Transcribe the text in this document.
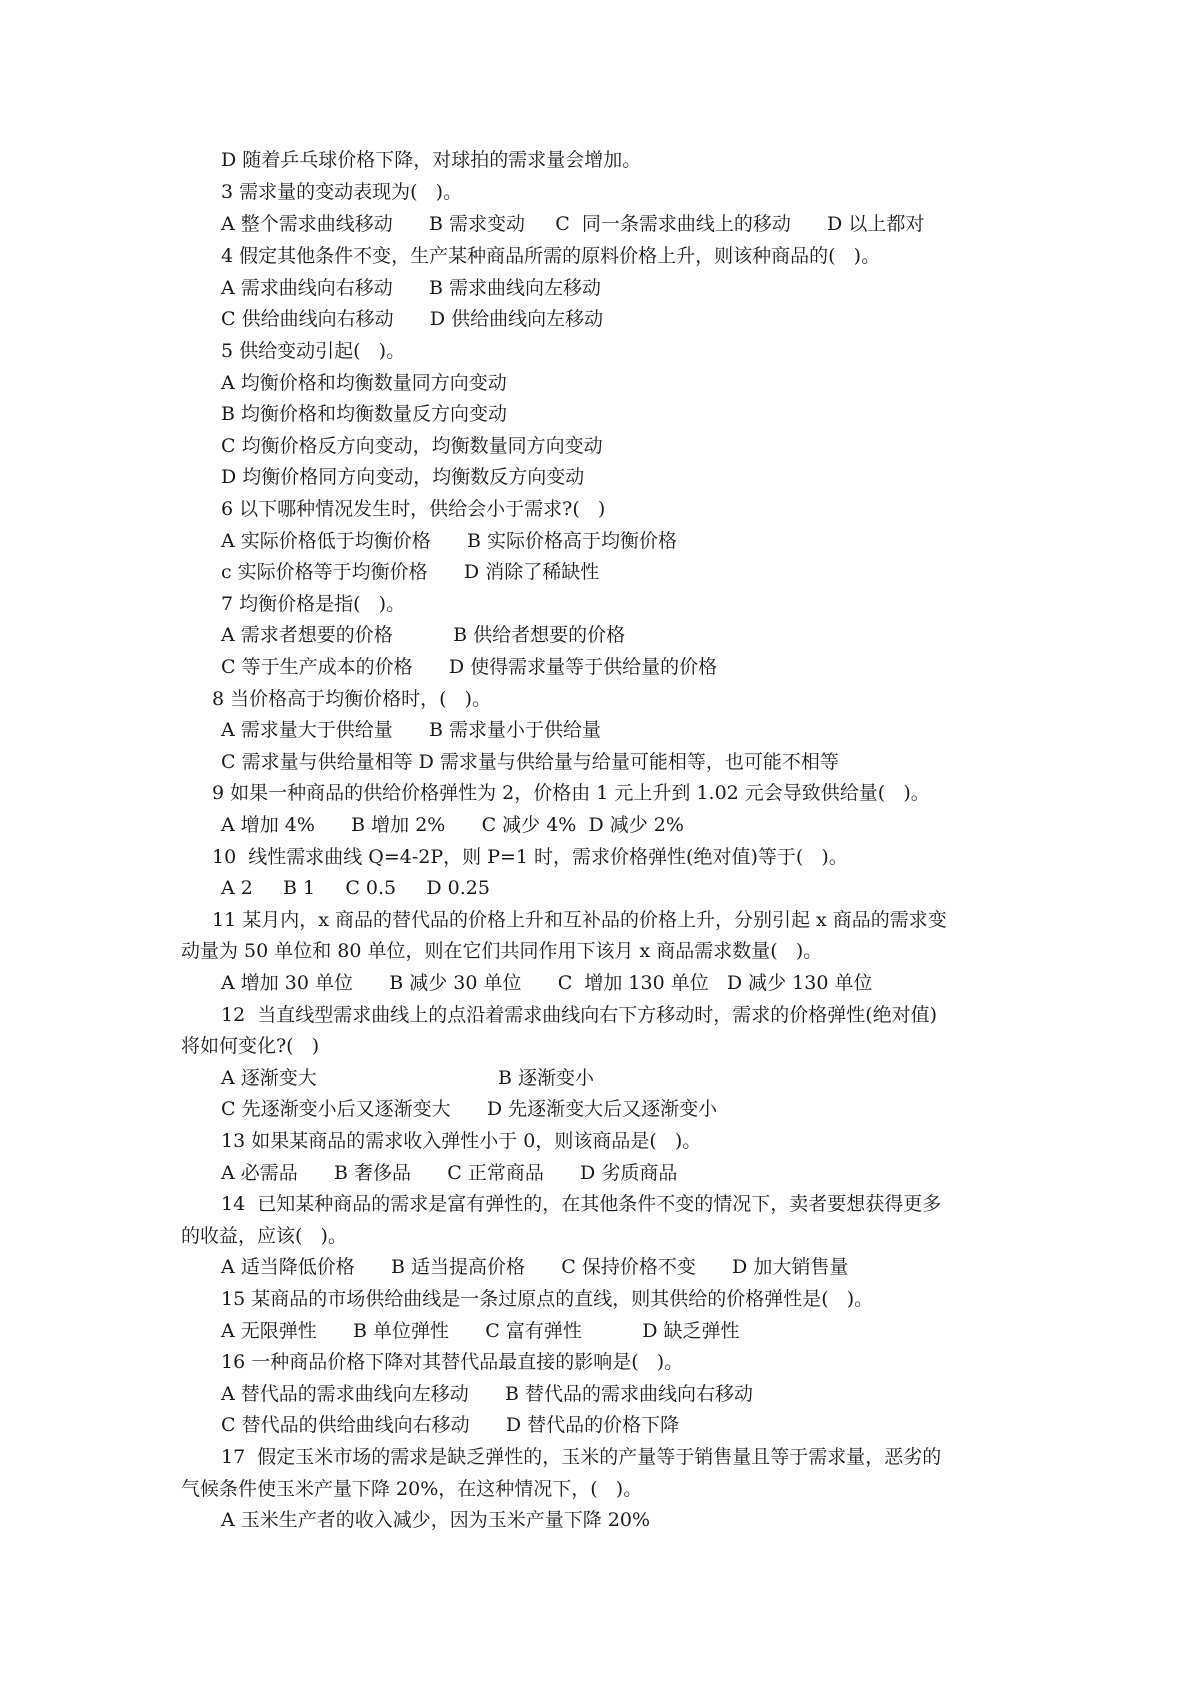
D 随着乒乓球价格下降，对球拍的需求量会增加。
3 需求量的变动表现为(   )。
A 整个需求曲线移动      B 需求变动     C  同一条需求曲线上的移动      D 以上都对
4 假定其他条件不变，生产某种商品所需的原料价格上升，则该种商品的(   )。
A 需求曲线向右移动      B 需求曲线向左移动
C 供给曲线向右移动      D 供给曲线向左移动
5 供给变动引起(   )。
A 均衡价格和均衡数量同方向变动
B 均衡价格和均衡数量反方向变动
C 均衡价格反方向变动，均衡数量同方向变动
D 均衡价格同方向变动，均衡数反方向变动
6 以下哪种情况发生时，供给会小于需求?(   )
A 实际价格低于均衡价格      B 实际价格高于均衡价格
c 实际价格等于均衡价格      D 消除了稀缺性
7 均衡价格是指(   )。
A 需求者想要的价格          B 供给者想要的价格
C 等于生产成本的价格      D 使得需求量等于供给量的价格
8 当价格高于均衡价格时，(   )。
A 需求量大于供给量      B 需求量小于供给量
C 需求量与供给量相等 D 需求量与供给量与给量可能相等，也可能不相等
9 如果一种商品的供给价格弹性为 2，价格由 1 元上升到 1.02 元会导致供给量(   )。
A 增加 4%      B 增加 2%      C 减少 4%  D 减少 2%
10  线性需求曲线 Q=4-2P，则 P=1 时，需求价格弹性(绝对值)等于(   )。
A 2     B 1     C 0.5     D 0.25
11 某月内，x 商品的替代品的价格上升和互补品的价格上升，分别引起 x 商品的需求变
动量为 50 单位和 80 单位，则在它们共同作用下该月 x 商品需求数量(   )。
A 增加 30 单位      B 减少 30 单位      C  增加 130 单位   D 减少 130 单位
12  当直线型需求曲线上的点沿着需求曲线向右下方移动时，需求的价格弹性(绝对值)
将如何变化?(   )
A 逐渐变大                              B 逐渐变小
C 先逐渐变小后又逐渐变大      D 先逐渐变大后又逐渐变小
13 如果某商品的需求收入弹性小于 0，则该商品是(   )。
A 必需品      B 奢侈品      C 正常商品      D 劣质商品
14  已知某种商品的需求是富有弹性的，在其他条件不变的情况下，卖者要想获得更多
的收益，应该(   )。
A 适当降低价格      B 适当提高价格      C 保持价格不变      D 加大销售量
15 某商品的市场供给曲线是一条过原点的直线，则其供给的价格弹性是(   )。
A 无限弹性      B 单位弹性      C 富有弹性          D 缺乏弹性
16 一种商品价格下降对其替代品最直接的影响是(   )。
A 替代品的需求曲线向左移动      B 替代品的需求曲线向右移动
C 替代品的供给曲线向右移动      D 替代品的价格下降
17  假定玉米市场的需求是缺乏弹性的，玉米的产量等于销售量且等于需求量，恶劣的
气候条件使玉米产量下降 20%，在这种情况下，(   )。
A 玉米生产者的收入减少，因为玉米产量下降 20%
